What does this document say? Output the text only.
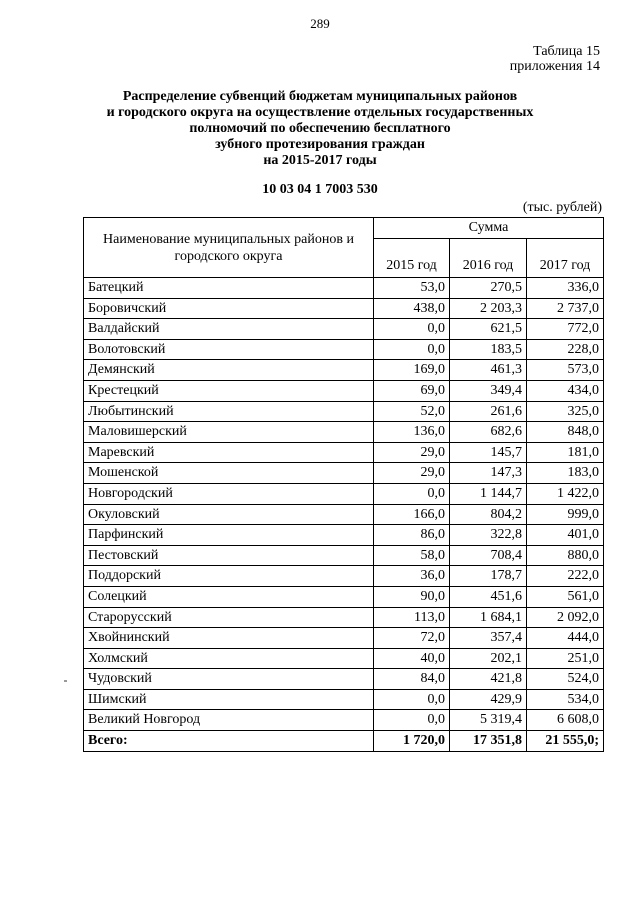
289
Таблица 15
приложения 14
Распределение субвенций бюджетам муниципальных районов
и городского округа на осуществление отдельных государственных
полномочий по обеспечению бесплатного
зубного протезирования граждан
на 2015-2017 годы
10 03 04 1 7003 530
(тыс. рублей)
Наименование муниципальных районов и городского округа	Сумма		
	2015 год	2016 год	2017 год
Батецкий	53,0	270,5	336,0
Боровичский	438,0	2 203,3	2 737,0
Валдайский	0,0	621,5	772,0
Волотовский	0,0	183,5	228,0
Демянский	169,0	461,3	573,0
Крестецкий	69,0	349,4	434,0
Любытинский	52,0	261,6	325,0
Маловишерский	136,0	682,6	848,0
Маревский	29,0	145,7	181,0
Мошенской	29,0	147,3	183,0
Новгородский	0,0	1 144,7	1 422,0
Окуловский	166,0	804,2	999,0
Парфинский	86,0	322,8	401,0
Пестовский	58,0	708,4	880,0
Поддорский	36,0	178,7	222,0
Солецкий	90,0	451,6	561,0
Старорусский	113,0	1 684,1	2 092,0
Хвойнинский	72,0	357,4	444,0
Холмский	40,0	202,1	251,0
Чудовский	84,0	421,8	524,0
Шимский	0,0	429,9	534,0
Великий Новгород	0,0	5 319,4	6 608,0
Всего:	1 720,0	17 351,8	21 555,0;
